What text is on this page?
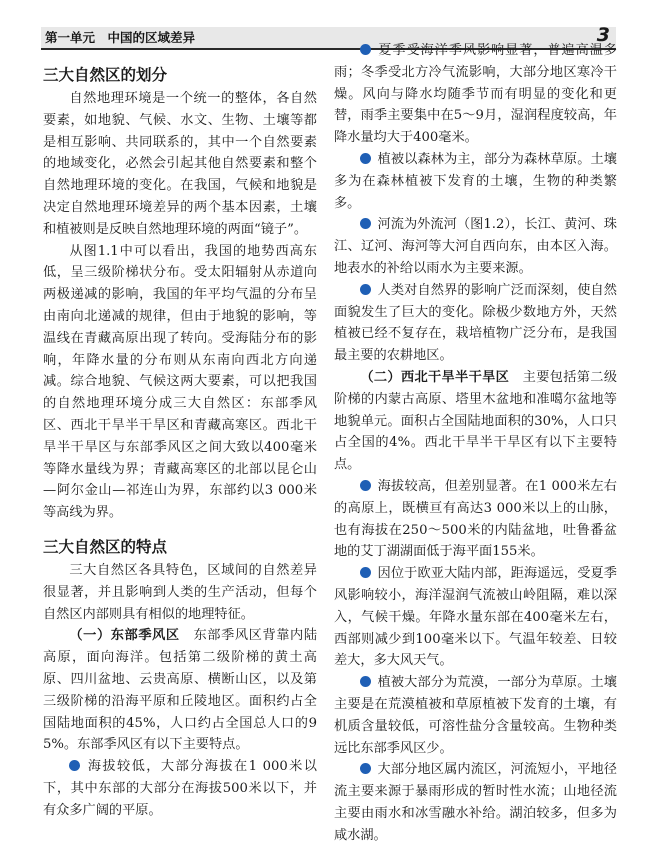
第一单元　中国的区域差异	3
三大自然区的划分

自然地理环境是一个统一的整体，各自然要素，如地貌、气候、水文、生物、土壤等都是相互影响、共同联系的，其中一个自然要素的地域变化，必然会引起其他自然要素和整个自然地理环境的变化。在我国，气候和地貌是决定自然地理环境差异的两个基本因素，土壤和植被则是反映自然地理环境的两面“镜子”。

从图1.1中可以看出，我国的地势西高东低，呈三级阶梯状分布。受太阳辐射从赤道向两极递减的影响，我国的年平均气温的分布呈由南向北递减的规律，但由于地貌的影响，等温线在青藏高原出现了转向。受海陆分布的影响，年降水量的分布则从东南向西北方向递减。综合地貌、气候这两大要素，可以把我国的自然地理环境分成三大自然区：东部季风区、西北干旱半干旱区和青藏高寒区。西北干旱半干旱区与东部季风区之间大致以400毫米等降水量线为界；青藏高寒区的北部以昆仑山—阿尔金山—祁连山为界，东部约以3 000米等高线为界。

三大自然区的特点

三大自然区各具特色，区域间的自然差异很显著，并且影响到人类的生产活动，但每个自然区内部则具有相似的地理特征。

（一）东部季风区　东部季风区背靠内陆高原，面向海洋。包括第二级阶梯的黄土高原、四川盆地、云贵高原、横断山区，以及第三级阶梯的沿海平原和丘陵地区。面积约占全国陆地面积的45%，人口约占全国总人口的95%。东部季风区有以下主要特点。

海拔较低，大部分海拔在1 000米以下，其中东部的大部分在海拔500米以下，并有众多广阔的平原。

夏季受海洋季风影响显著，普遍高温多雨；冬季受北方冷气流影响，大部分地区寒冷干燥。风向与降水均随季节而有明显的变化和更替，雨季主要集中在5～9月，湿润程度较高，年降水量均大于400毫米。

植被以森林为主，部分为森林草原。土壤多为在森林植被下发育的土壤，生物的种类繁多。

河流为外流河（图1.2），长江、黄河、珠江、辽河、海河等大河自西向东，由本区入海。地表水的补给以雨水为主要来源。

人类对自然界的影响广泛而深刻，使自然面貌发生了巨大的变化。除极少数地方外，天然植被已经不复存在，栽培植物广泛分布，是我国最主要的农耕地区。

（二）西北干旱半干旱区　主要包括第二级阶梯的内蒙古高原、塔里木盆地和准噶尔盆地等地貌单元。面积占全国陆地面积的30%，人口只占全国的4%。西北干旱半干旱区有以下主要特点。

海拔较高，但差别显著。在1 000米左右的高原上，既横亘有高达3 000米以上的山脉，也有海拔在250～500米的内陆盆地，吐鲁番盆地的艾丁湖湖面低于海平面155米。

因位于欧亚大陆内部，距海遥远，受夏季风影响较小，海洋湿润气流被山岭阻隔，难以深入，气候干燥。年降水量东部在400毫米左右，西部则减少到100毫米以下。气温年较差、日较差大，多大风天气。

植被大部分为荒漠，一部分为草原。土壤主要是在荒漠植被和草原植被下发育的土壤，有机质含量较低，可溶性盐分含量较高。生物种类远比东部季风区少。

大部分地区属内流区，河流短小，平地径流主要来源于暴雨形成的暂时性水流；山地径流主要由雨水和冰雪融水补给。湖泊较多，但多为咸水湖。
